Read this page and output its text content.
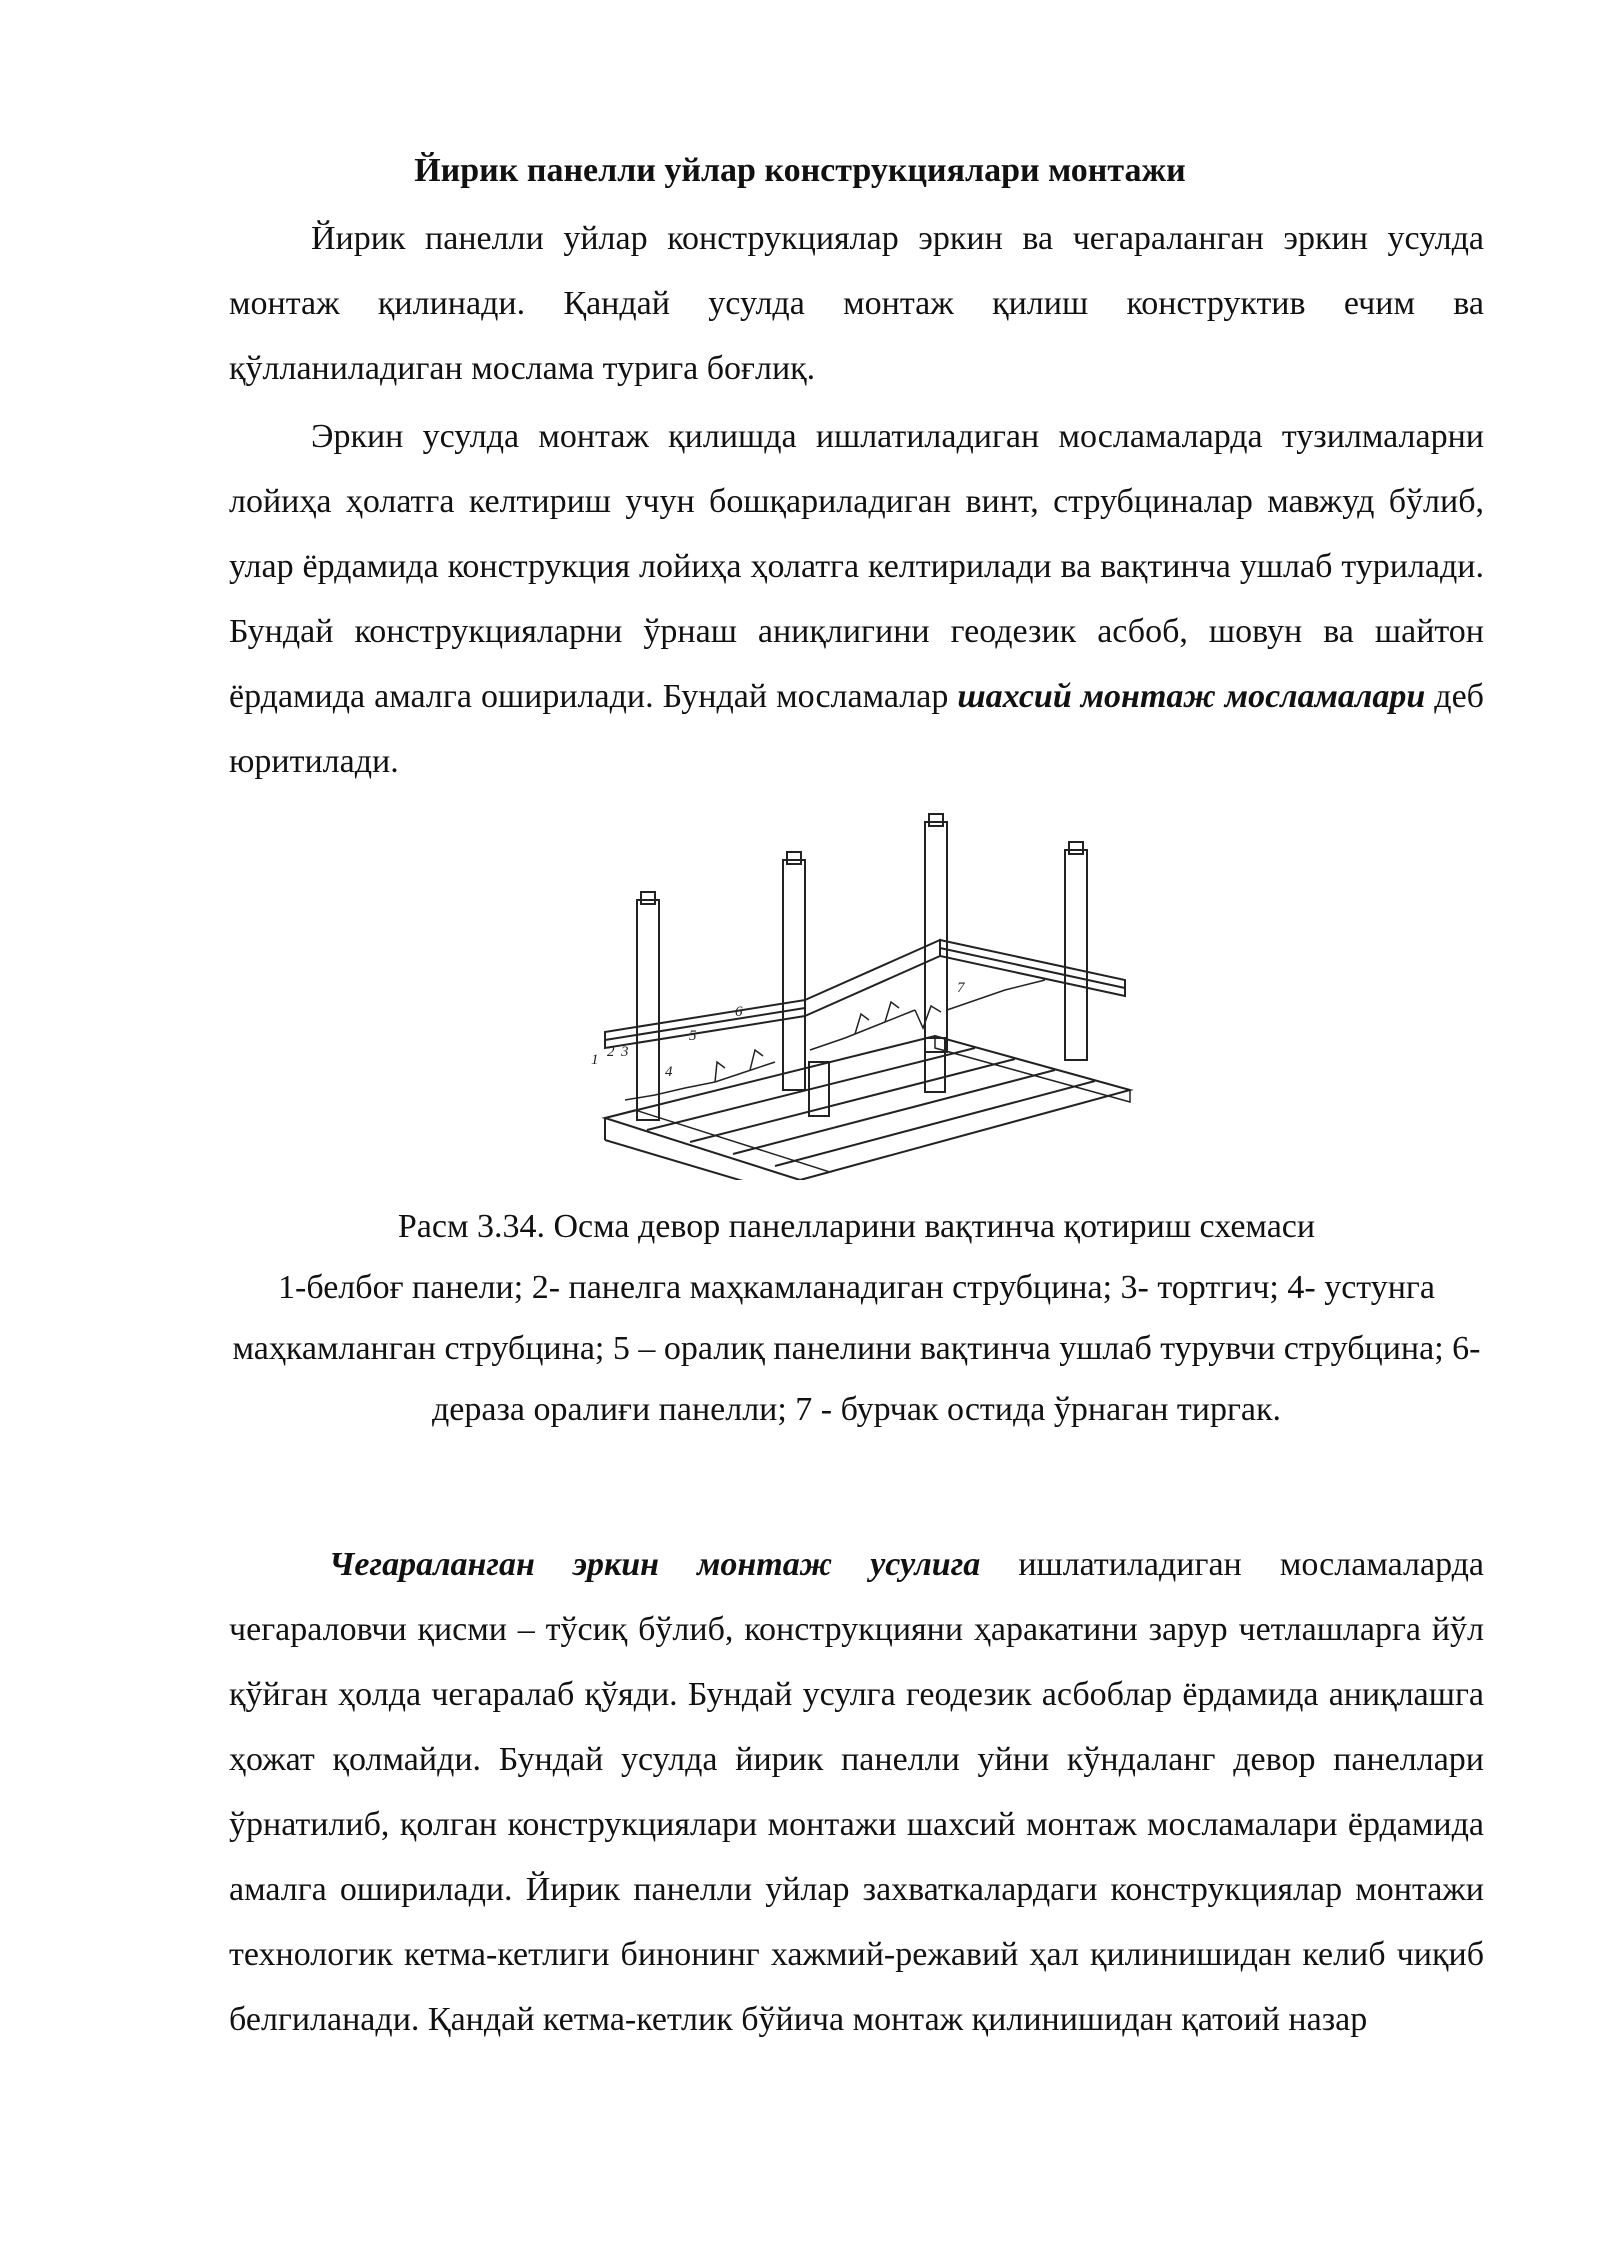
Йирик панелли уйлар конструкциялари монтажи

Йирик панелли уйлар конструкциялар эркин ва чегараланган эркин усулда монтаж қилинади. Қандай усулда монтаж қилиш конструктив ечим ва қўлланиладиган мослама турига боғлиқ.

Эркин усулда монтаж қилишда ишлатиладиган мосламаларда тузилмаларни лойиҳа ҳолатга келтириш учун бошқариладиган винт, струбциналар мавжуд бўлиб, улар ёрдамида конструкция лойиҳа ҳолатга келтирилади ва вақтинча ушлаб турилади. Бундай конструкцияларни ўрнаш аниқлигини геодезик асбоб, шовун ва шайтон ёрдамида амалга оширилади. Бундай мосламалар шахсий монтаж мосламалари деб юритилади.

1 2 3
4
5
6
7

Расм 3.34. Осма девор панелларини вақтинча қотириш схемаси
1-белбоғ панели; 2- панелга маҳкамланадиган струбцина; 3- тортгич; 4- устунга маҳкамланган струбцина; 5 – оралиқ панелини вақтинча ушлаб турувчи струбцина; 6- дераза оралиғи панелли; 7 - бурчак остида ўрнаган тиргак.

Чегараланган эркин монтаж усулига ишлатиладиган мосламаларда чегараловчи қисми – тўсиқ бўлиб, конструкцияни ҳаракатини зарур четлашларга йўл қўйган ҳолда чегаралаб қўяди. Бундай усулга геодезик асбоблар ёрдамида аниқлашга ҳожат қолмайди. Бундай усулда йирик панелли уйни кўндаланг девор панеллари ўрнатилиб, қолган конструкциялари монтажи шахсий монтаж мосламалари ёрдамида амалга оширилади. Йирик панелли уйлар захваткалардаги конструкциялар монтажи технологик кетма-кетлиги бинонинг хажмий-режавий ҳал қилинишидан келиб чиқиб белгиланади. Қандай кетма-кетлик бўйича монтаж қилинишидан қатоий назар
